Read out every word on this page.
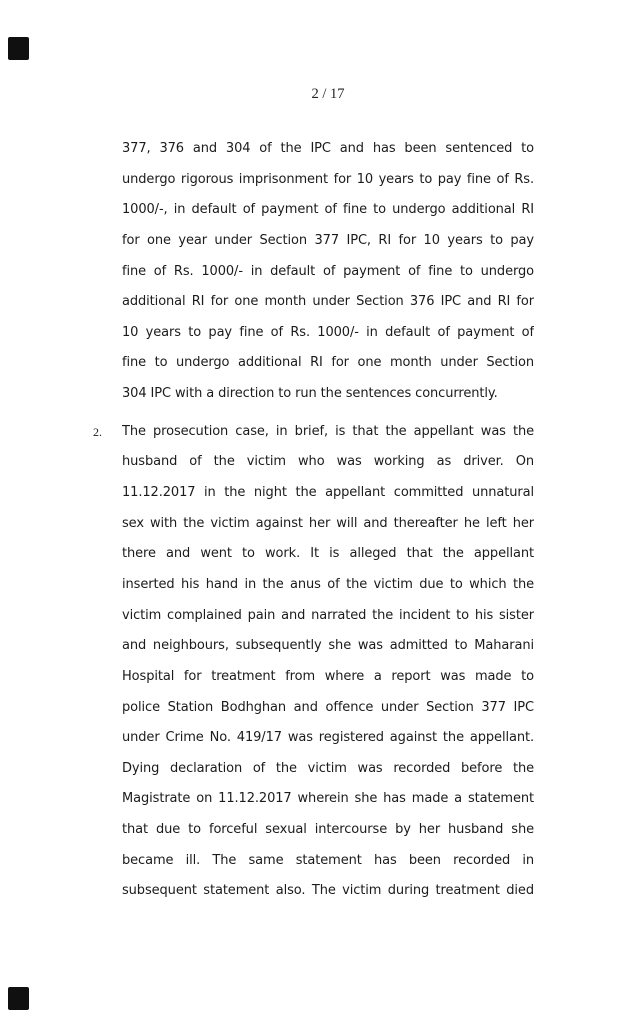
2 / 17
377, 376 and 304 of the IPC and has been sentenced to
undergo rigorous imprisonment for 10 years to pay fine of Rs.
1000/-, in default of payment of fine to undergo additional RI
for one year under Section 377 IPC, RI for 10 years to pay
fine of Rs. 1000/- in default of payment of fine to undergo
additional RI for one month under Section 376 IPC and RI for
10 years to pay fine of Rs. 1000/- in default of payment of
fine to undergo additional RI for one month under Section
304 IPC with a direction to run the sentences concurrently.
2. The prosecution case, in brief, is that the appellant was the
husband of the victim who was working as driver. On
11.12.2017 in the night the appellant committed unnatural
sex with the victim against her will and thereafter he left her
there and went to work. It is alleged that the appellant
inserted his hand in the anus of the victim due to which the
victim complained pain and narrated the incident to his sister
and neighbours, subsequently she was admitted to Maharani
Hospital for treatment from where a report was made to
police Station Bodhghan and offence under Section 377 IPC
under Crime No. 419/17 was registered against the appellant.
Dying declaration of the victim was recorded before the
Magistrate on 11.12.2017 wherein she has made a statement
that due to forceful sexual intercourse by her husband she
became ill. The same statement has been recorded in
subsequent statement also. The victim during treatment died
